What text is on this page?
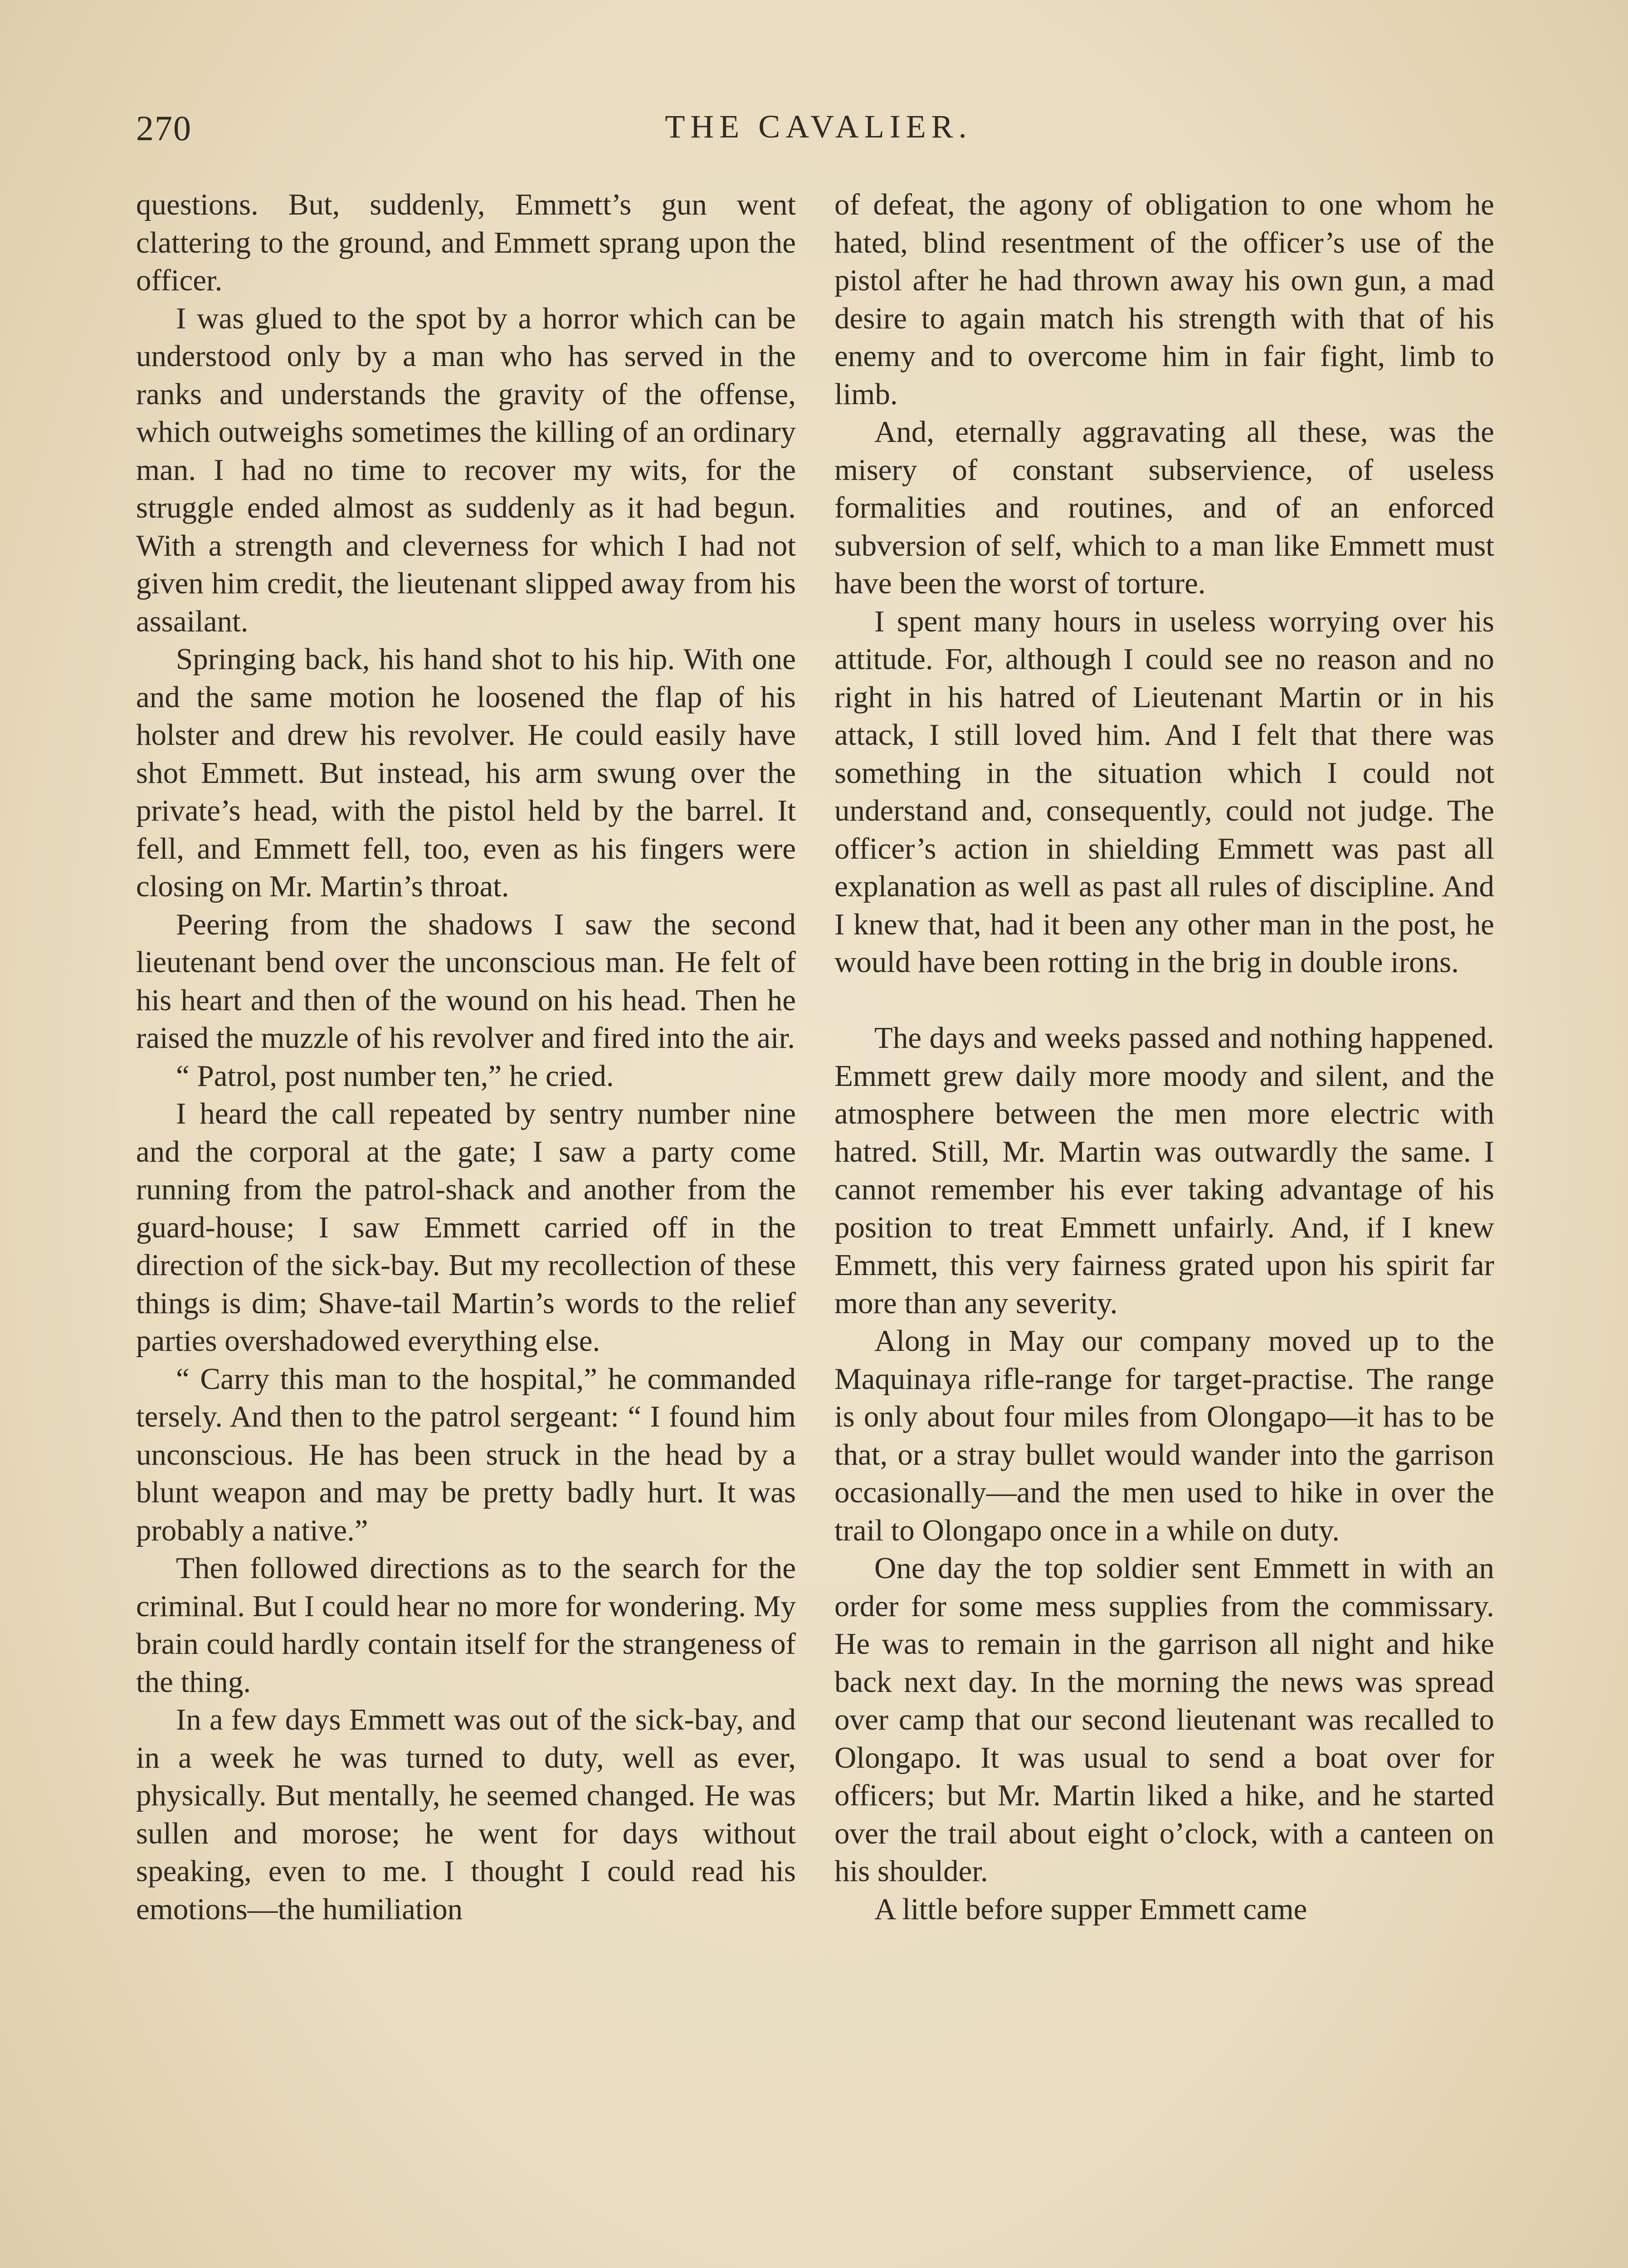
270	THE CAVALIER.

questions. But, suddenly, Emmett’s gun went clattering to the ground, and Emmett sprang upon the officer.

I was glued to the spot by a horror which can be understood only by a man who has served in the ranks and understands the gravity of the offense, which outweighs sometimes the killing of an ordinary man. I had no time to recover my wits, for the struggle ended almost as suddenly as it had begun. With a strength and cleverness for which I had not given him credit, the lieutenant slipped away from his assailant.

Springing back, his hand shot to his hip. With one and the same motion he loosened the flap of his holster and drew his revolver. He could easily have shot Emmett. But instead, his arm swung over the private’s head, with the pistol held by the barrel. It fell, and Emmett fell, too, even as his fingers were closing on Mr. Martin’s throat.

Peering from the shadows I saw the second lieutenant bend over the unconscious man. He felt of his heart and then of the wound on his head. Then he raised the muzzle of his revolver and fired into the air.

“ Patrol, post number ten,” he cried.

I heard the call repeated by sentry number nine and the corporal at the gate; I saw a party come running from the patrol-shack and another from the guard-house; I saw Emmett carried off in the direction of the sick-bay. But my recollection of these things is dim; Shave-tail Martin’s words to the relief parties overshadowed everything else.

“ Carry this man to the hospital,” he commanded tersely. And then to the patrol sergeant: “ I found him unconscious. He has been struck in the head by a blunt weapon and may be pretty badly hurt. It was probably a native.”

Then followed directions as to the search for the criminal. But I could hear no more for wondering. My brain could hardly contain itself for the strangeness of the thing.

In a few days Emmett was out of the sick-bay, and in a week he was turned to duty, well as ever, physically. But mentally, he seemed changed. He was sullen and morose; he went for days without speaking, even to me. I thought I could read his emotions—the humiliation

of defeat, the agony of obligation to one whom he hated, blind resentment of the officer’s use of the pistol after he had thrown away his own gun, a mad desire to again match his strength with that of his enemy and to overcome him in fair fight, limb to limb.

And, eternally aggravating all these, was the misery of constant subservience, of useless formalities and routines, and of an enforced subversion of self, which to a man like Emmett must have been the worst of torture.

I spent many hours in useless worrying over his attitude. For, although I could see no reason and no right in his hatred of Lieutenant Martin or in his attack, I still loved him. And I felt that there was something in the situation which I could not understand and, consequently, could not judge. The officer’s action in shielding Emmett was past all explanation as well as past all rules of discipline. And I knew that, had it been any other man in the post, he would have been rotting in the brig in double irons.

The days and weeks passed and nothing happened. Emmett grew daily more moody and silent, and the atmosphere between the men more electric with hatred. Still, Mr. Martin was outwardly the same. I cannot remember his ever taking advantage of his position to treat Emmett unfairly. And, if I knew Emmett, this very fairness grated upon his spirit far more than any severity.

Along in May our company moved up to the Maquinaya rifle-range for target-practise. The range is only about four miles from Olongapo—it has to be that, or a stray bullet would wander into the garrison occasionally—and the men used to hike in over the trail to Olongapo once in a while on duty.

One day the top soldier sent Emmett in with an order for some mess supplies from the commissary. He was to remain in the garrison all night and hike back next day. In the morning the news was spread over camp that our second lieutenant was recalled to Olongapo. It was usual to send a boat over for officers; but Mr. Martin liked a hike, and he started over the trail about eight o’clock, with a canteen on his shoulder.

A little before supper Emmett came
